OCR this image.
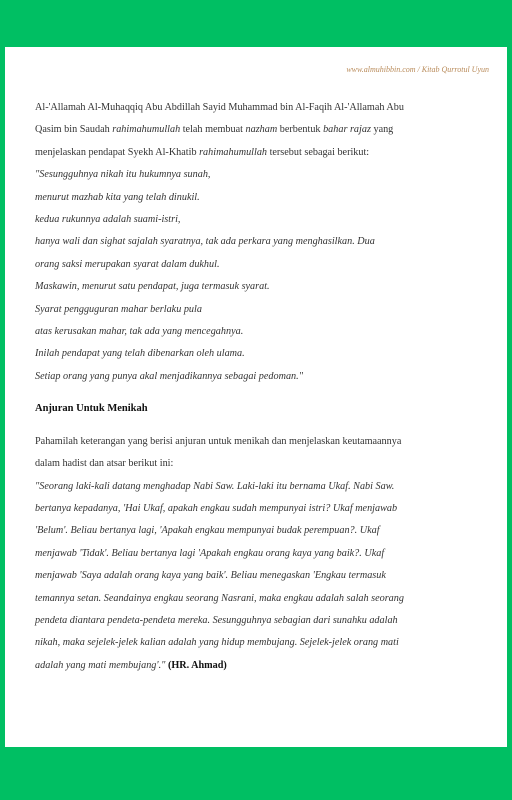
www.almuhibbin.com / Kitab Qurrotul Uyun

Al-'Allamah Al-Muhaqqiq Abu Abdillah Sayid Muhammad bin Al-Faqih Al-'Allamah Abu
Qasim bin Saudah rahimahumullah telah membuat nazham berbentuk bahar rajaz yang
menjelaskan pendapat Syekh Al-Khatib rahimahumullah tersebut sebagai berikut:

"Sesungguhnya nikah itu hukumnya sunah,
menurut mazhab kita yang telah dinukil.
kedua rukunnya adalah suami-istri,
hanya wali dan sighat sajalah syaratnya, tak ada perkara yang menghasilkan. Dua
orang saksi merupakan syarat dalam dukhul.
Maskawin, menurut satu pendapat, juga termasuk syarat.
Syarat pengguguran mahar berlaku pula
atas kerusakan mahar, tak ada yang mencegahnya.
Inilah pendapat yang telah dibenarkan oleh ulama.
Setiap orang yang punya akal menjadikannya sebagai pedoman."

Anjuran Untuk Menikah

Pahamilah keterangan yang berisi anjuran untuk menikah dan menjelaskan keutamaannya
dalam hadist dan atsar berikut ini:

"Seorang laki-kali datang menghadap Nabi Saw. Laki-laki itu bernama Ukaf. Nabi Saw.
bertanya kepadanya, 'Hai Ukaf, apakah engkau sudah mempunyai istri? Ukaf menjawab
'Belum'. Beliau bertanya lagi, 'Apakah engkau mempunyai budak perempuan?. Ukaf
menjawab 'Tidak'. Beliau bertanya lagi 'Apakah engkau orang kaya yang baik?. Ukaf
menjawab 'Saya adalah orang kaya yang baik'. Beliau menegaskan 'Engkau termasuk
temannya setan. Seandainya engkau seorang Nasrani, maka engkau adalah salah seorang
pendeta diantara pendeta-pendeta mereka. Sesungguhnya sebagian dari sunahku adalah
nikah, maka sejelek-jelek kalian adalah yang hidup membujang. Sejelek-jelek orang mati
adalah yang mati membujang'." (HR. Ahmad)
